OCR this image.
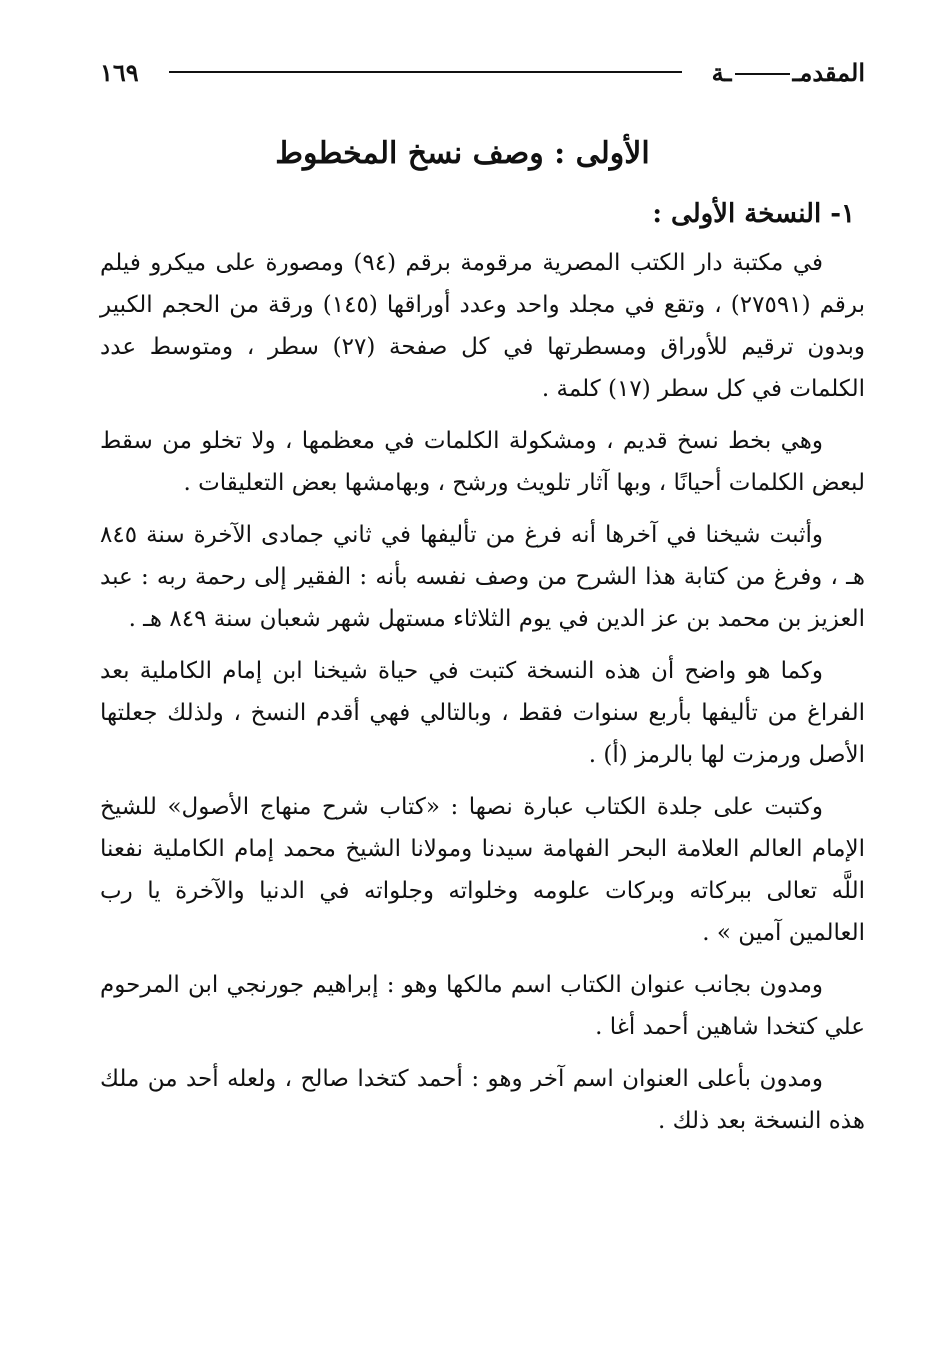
المقدمــة
١٦٩
الأولى : وصف نسخ المخطوط
١- النسخة الأولى :

في مكتبة دار الكتب المصرية مرقومة برقم (٩٤) ومصورة على ميكرو فيلم برقم (٢٧٥٩١) ، وتقع في مجلد واحد وعدد أوراقها (١٤٥) ورقة من الحجم الكبير وبدون ترقيم للأوراق ومسطرتها في كل صفحة (٢٧) سطر ، ومتوسط عدد الكلمات في كل سطر (١٧) كلمة .

وهي بخط نسخ قديم ، ومشكولة الكلمات في معظمها ، ولا تخلو من سقط لبعض الكلمات أحيانًا ، وبها آثار تلويث ورشح ، وبهامشها بعض التعليقات .

وأثبت شيخنا في آخرها أنه فرغ من تأليفها في ثاني جمادى الآخرة سنة ٨٤٥ هـ ، وفرغ من كتابة هذا الشرح من وصف نفسه بأنه : الفقير إلى رحمة ربه : عبد العزيز بن محمد بن عز الدين في يوم الثلاثاء مستهل شهر شعبان سنة ٨٤٩ هـ .

وكما هو واضح أن هذه النسخة كتبت في حياة شيخنا ابن إمام الكاملية بعد الفراغ من تأليفها بأربع سنوات فقط ، وبالتالي فهي أقدم النسخ ، ولذلك جعلتها الأصل ورمزت لها بالرمز (أ) .

وكتبت على جلدة الكتاب عبارة نصها : «كتاب شرح منهاج الأصول» للشيخ الإمام العالم العلامة البحر الفهامة سيدنا ومولانا الشيخ محمد إمام الكاملية نفعنا اللَّه تعالى ببركاته وبركات علومه وخلواته وجلواته في الدنيا والآخرة يا رب العالمين آمين » .

ومدون بجانب عنوان الكتاب اسم مالكها وهو : إبراهيم جورنجي ابن المرحوم علي كتخدا شاهين أحمد أغا .

ومدون بأعلى العنوان اسم آخر وهو : أحمد كتخدا صالح ، ولعله أحد من ملك هذه النسخة بعد ذلك .
